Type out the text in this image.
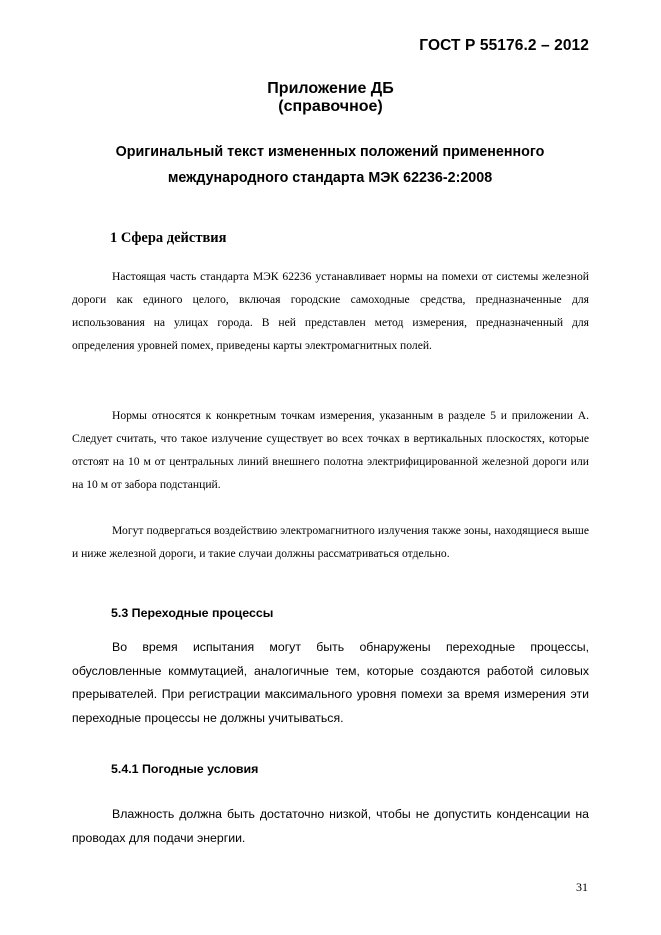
ГОСТ Р 55176.2 – 2012
Приложение ДБ
(справочное)
Оригинальный текст измененных положений примененного международного стандарта МЭК 62236-2:2008
1 Сфера действия

Настоящая часть стандарта МЭК 62236 устанавливает нормы на помехи от системы железной дороги как единого целого, включая городские самоходные средства, предназначенные для использования на улицах города. В ней представлен метод измерения, предназначенный для определения уровней помех, приведены карты электромагнитных полей.

Нормы относятся к конкретным точкам измерения, указанным в разделе 5 и приложении А. Следует считать, что такое излучение существует во всех точках в вертикальных плоскостях, которые отстоят на 10 м от центральных линий внешнего полотна электрифицированной железной дороги или на 10 м от забора подстанций.

Могут подвергаться воздействию электромагнитного излучения также зоны, находящиеся выше и ниже железной дороги, и такие случаи должны рассматриваться отдельно.

5.3 Переходные процессы

Во время испытания могут быть обнаружены переходные процессы, обусловленные коммутацией, аналогичные тем, которые создаются работой силовых прерывателей. При регистрации максимального уровня помехи за время измерения эти переходные процессы не должны учитываться.

5.4.1 Погодные условия

Влажность должна быть достаточно низкой, чтобы не допустить конденсации на проводах для подачи энергии.

31
